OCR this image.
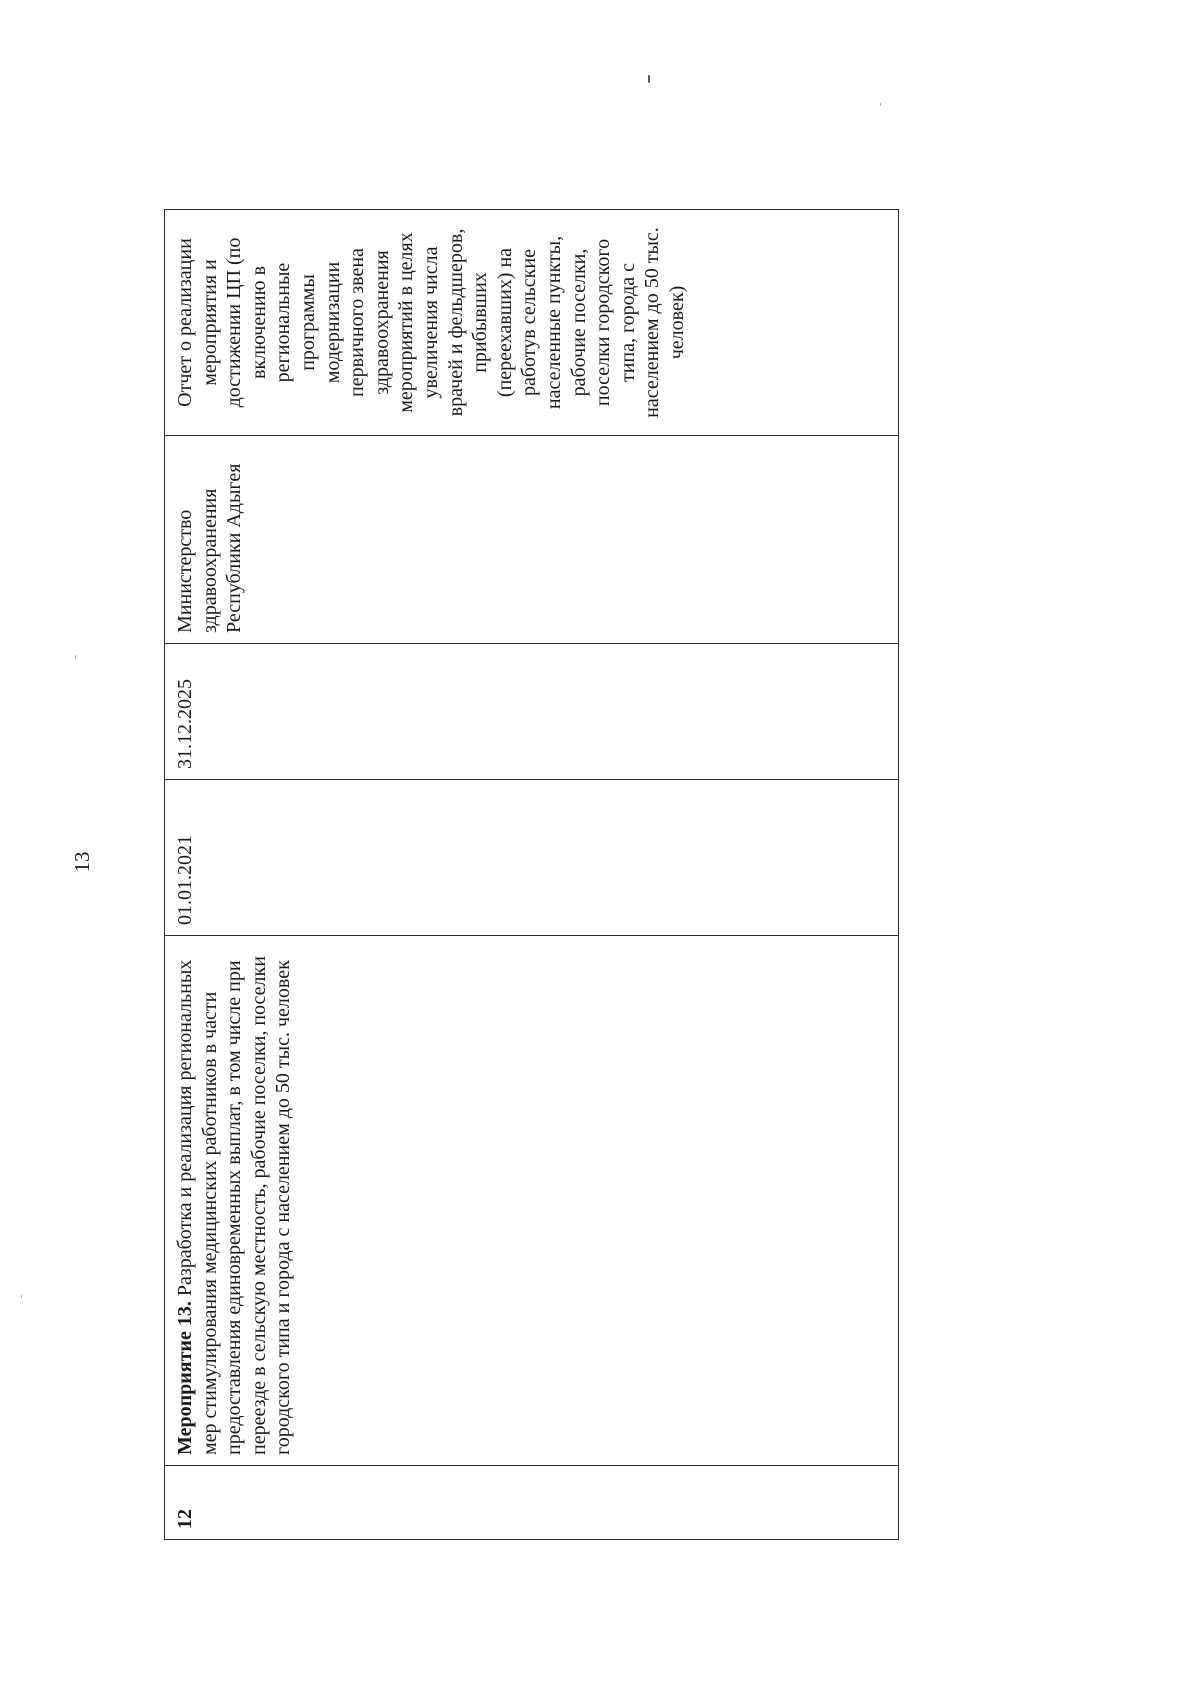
13
12	Мероприятие 13. Разработка и реализация региональных мер стимулирования медицинских работников в части предоставления единовременных выплат, в том числе при переезде в сельскую местность, рабочие поселки, поселки городского типа и города с населением до 50 тыс. человек	01.01.2021	31.12.2025	Министерство здравоохранения Республики Адыгея	Отчет о реализации мероприятия и достижении ЦП (по включению в региональные программы модернизации первичного звена здравоохранения мероприятий в целях увеличения числа врачей и фельдшеров, прибывших (переехавших) на работув сельские населенные пункты, рабочие поселки, поселки городского типа, города с населением до 50 тыс. человек)
